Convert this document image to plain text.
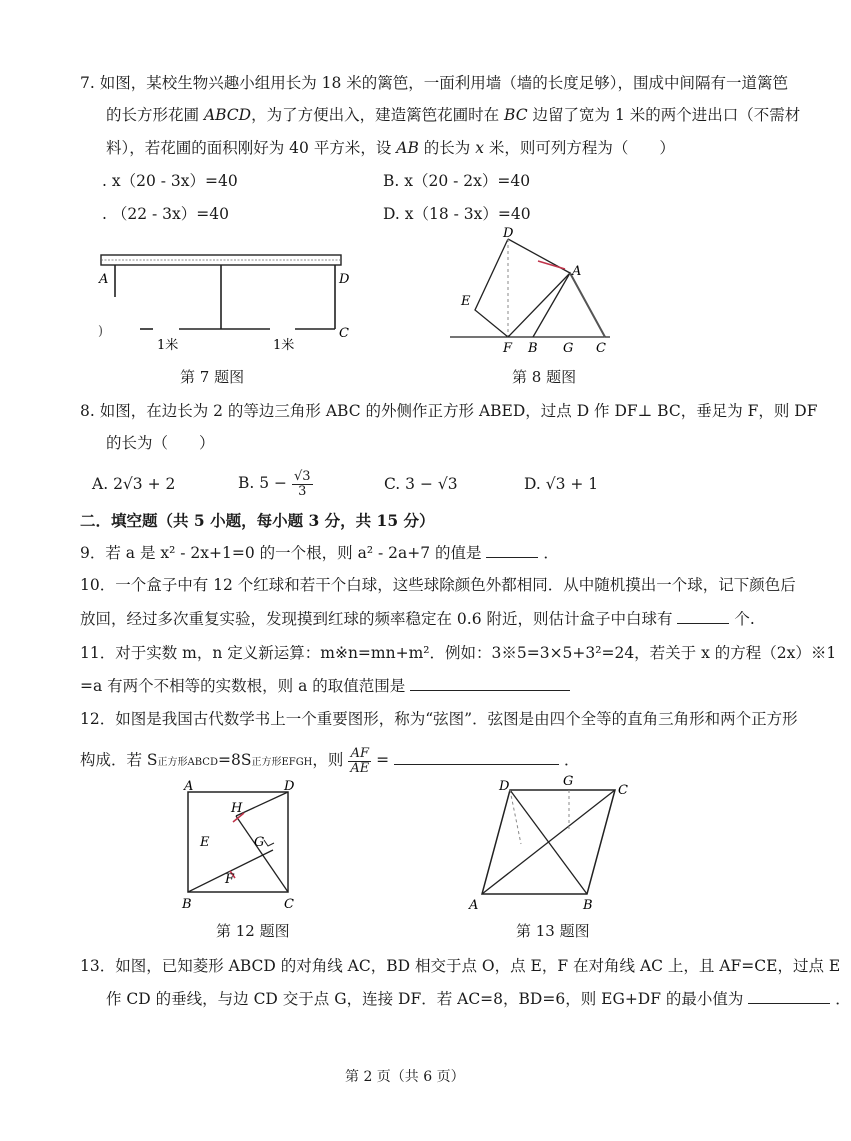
7. 如图，某校生物兴趣小组用长为 18 米的篱笆，一面利用墙（墙的长度足够），围成中间隔有一道篱笆
的长方形花圃 ABCD，为了方便出入，建造篱笆花圃时在 BC 边留了宽为 1 米的两个进出口（不需材
料），若花圃的面积刚好为 40 平方米，设 AB 的长为 x 米，则可列方程为（　　）
. x（20 - 3x）=40	B. x（20 - 2x）=40
. （22 - 3x）=40	D. x（18 - 3x）=40
A	D
C
)
1米	1米
第 7 题图
D
A
E
F B G C
第 8 题图
8. 如图，在边长为 2 的等边三角形 ABC 的外侧作正方形 ABED，过点 D 作 DF⊥ BC，垂足为 F，则 DF
的长为（　　）
A. 2√3 + 2	B. $5 - \frac{√3}{3}$	C. 3 − √3	D. √3 + 1
二．填空题（共 5 小题，每小题 3 分，共 15 分）
9．若 a 是 x² - 2x+1=0 的一个根，则 a² - 2a+7 的值是	．
10．一个盒子中有 12 个红球和若干个白球，这些球除颜色外都相同．从中随机摸出一个球，记下颜色后
放回，经过多次重复实验，发现摸到红球的频率稳定在 0.6 附近，则估计盒子中白球有	个.
11．对于实数 m，n 定义新运算：m※n=mn+m²．例如：3※5=3×5+3²=24，若关于 x 的方程（2x）※1
=a 有两个不相等的实数根，则 a 的取值范围是
12．如图是我国古代数学书上一个重要图形，称为“弦图”．弦图是由四个全等的直角三角形和两个正方形
构成．若 S正方形ABCD=8S正方形EFGH，则 $\frac{AF}{AE}$ =	．
A	D
H
E	G
F
B	C
第 12 题图
D	G
C
A	B
第 13 题图
13．如图，已知菱形 ABCD 的对角线 AC，BD 相交于点 O，点 E，F 在对角线 AC 上，且 AF=CE，过点 E
作 CD 的垂线，与边 CD 交于点 G，连接 DF．若 AC=8，BD=6，则 EG+DF 的最小值为	．
第 2 页（共 6 页）
